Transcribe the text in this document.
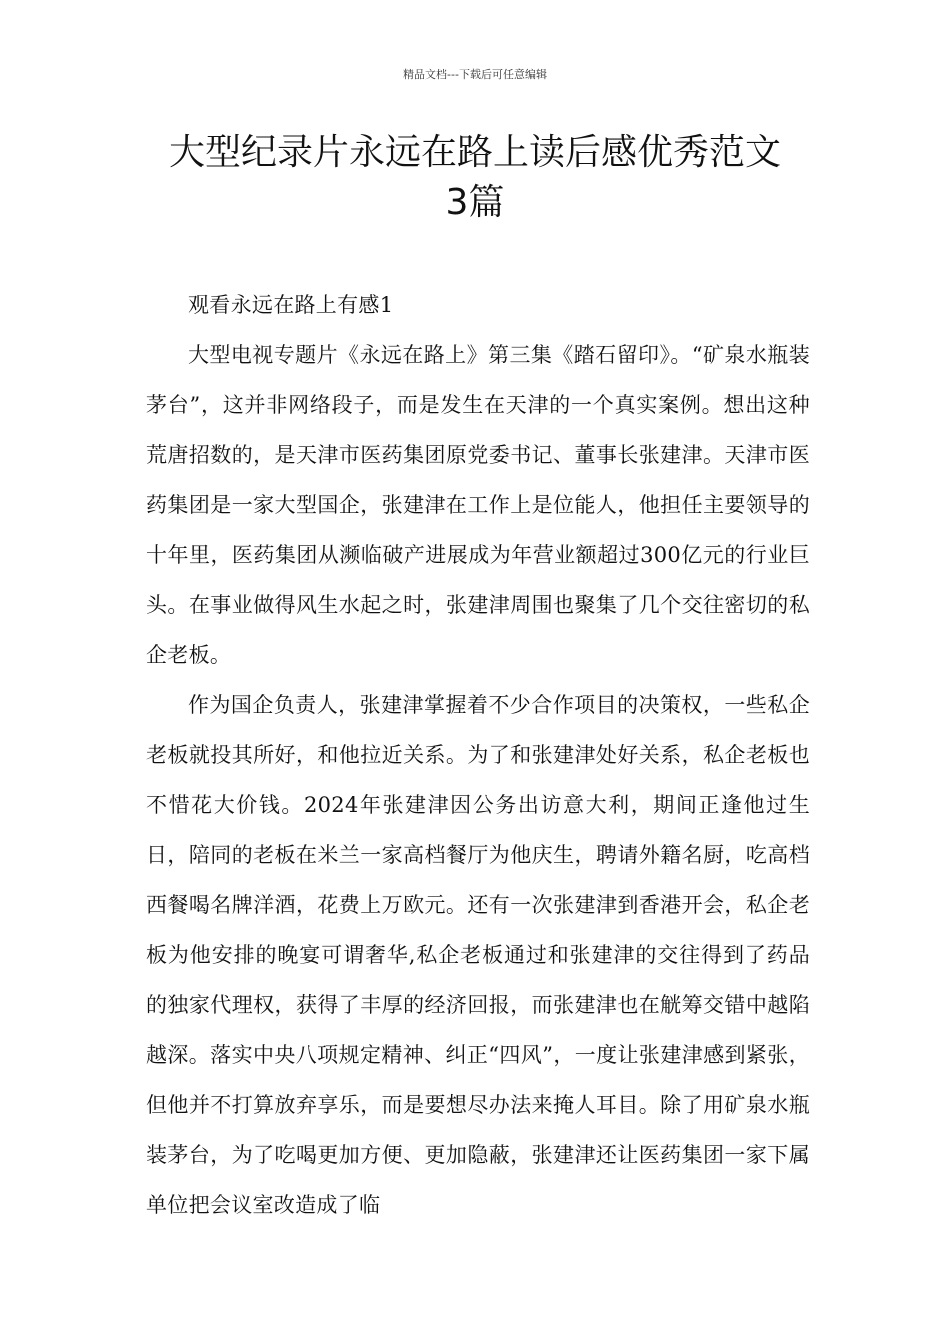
精品文档---下载后可任意编辑
大型纪录片永远在路上读后感优秀范文
3篇

观看永远在路上有感1

大型电视专题片《永远在路上》第三集《踏石留印》。“矿泉水瓶装茅台”，这并非网络段子，而是发生在天津的一个真实案例。想出这种荒唐招数的，是天津市医药集团原党委书记、董事长张建津。天津市医药集团是一家大型国企，张建津在工作上是位能人，他担任主要领导的十年里，医药集团从濒临破产进展成为年营业额超过300亿元的行业巨头。在事业做得风生水起之时，张建津周围也聚集了几个交往密切的私企老板。

作为国企负责人，张建津掌握着不少合作项目的决策权，一些私企老板就投其所好，和他拉近关系。为了和张建津处好关系，私企老板也不惜花大价钱。2024年张建津因公务出访意大利，期间正逢他过生日，陪同的老板在米兰一家高档餐厅为他庆生，聘请外籍名厨，吃高档西餐喝名牌洋酒，花费上万欧元。还有一次张建津到香港开会，私企老板为他安排的晚宴可谓奢华,私企老板通过和张建津的交往得到了药品的独家代理权，获得了丰厚的经济回报，而张建津也在觥筹交错中越陷越深。落实中央八项规定精神、纠正“四风”，一度让张建津感到紧张，但他并不打算放弃享乐，而是要想尽办法来掩人耳目。除了用矿泉水瓶装茅台，为了吃喝更加方便、更加隐蔽，张建津还让医药集团一家下属单位把会议室改造成了临
